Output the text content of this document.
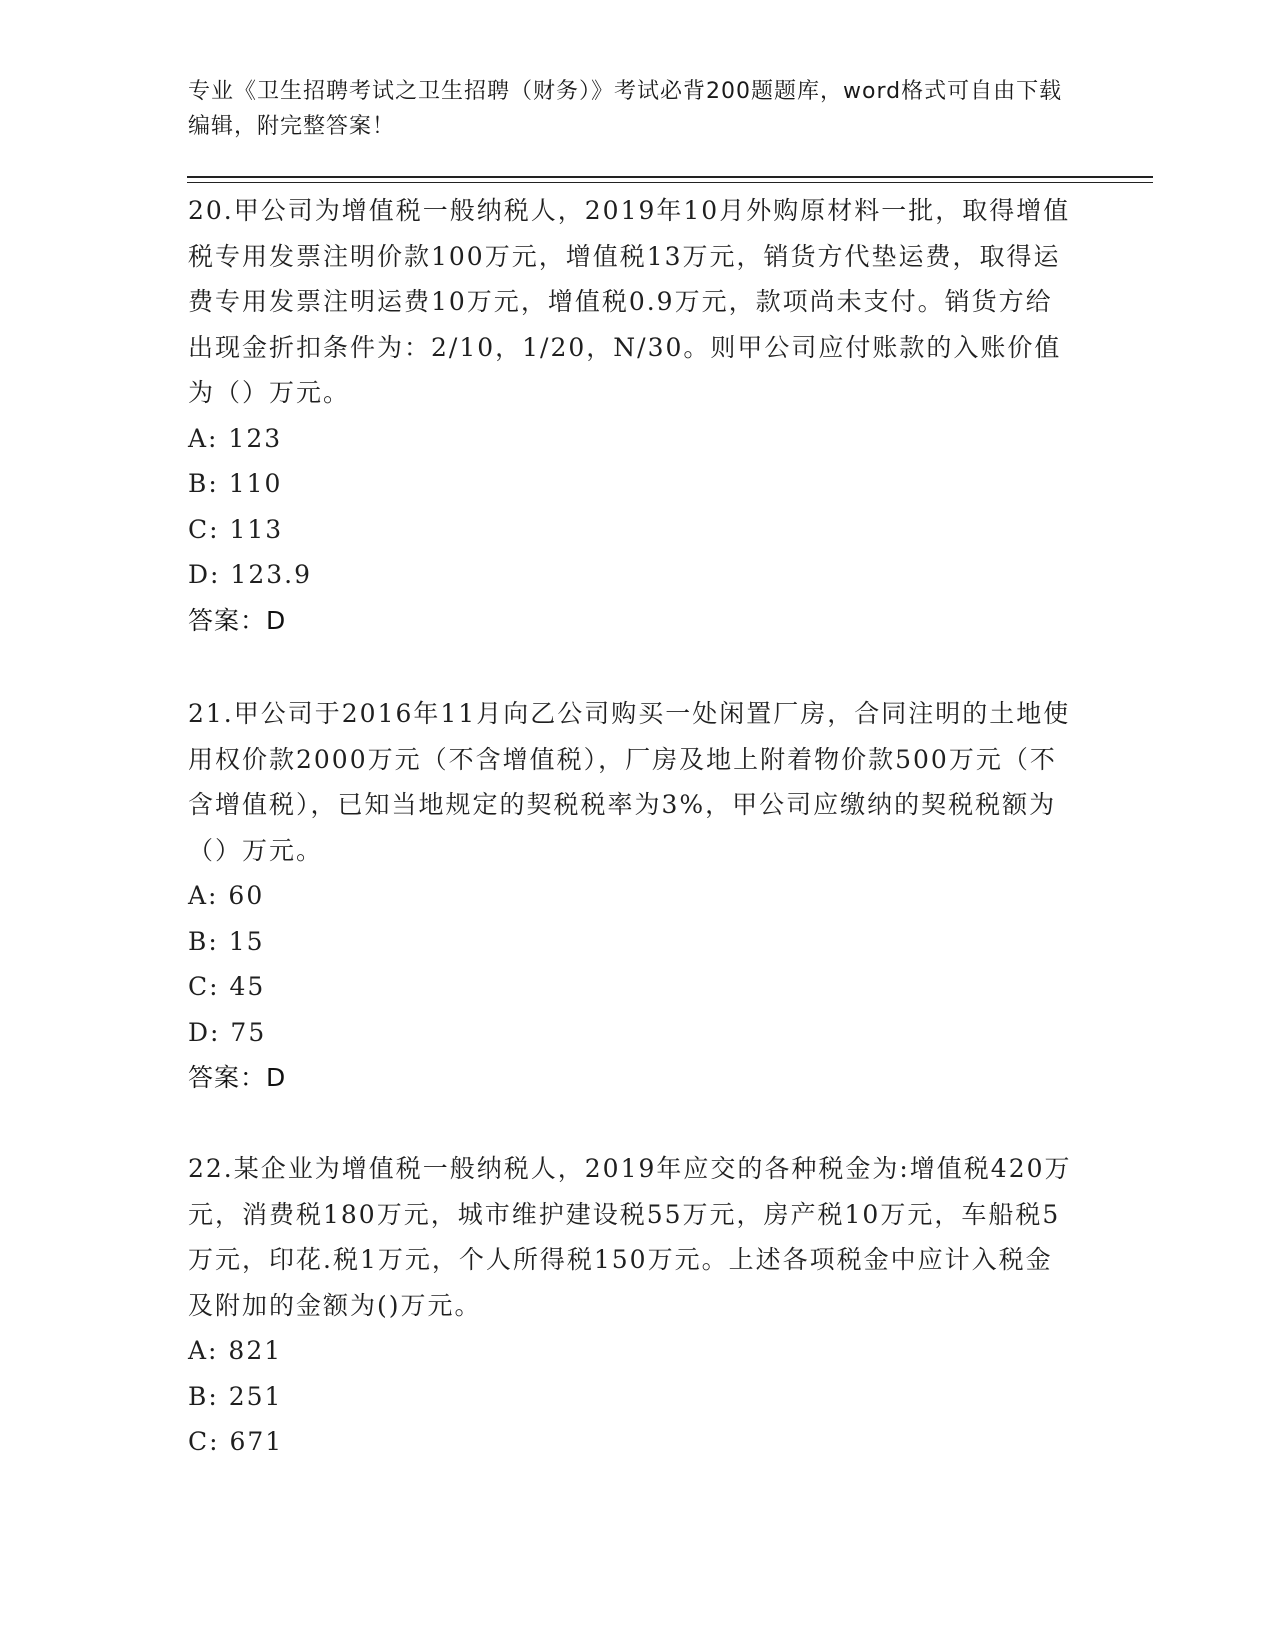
专业《卫生招聘考试之卫生招聘（财务）》考试必背200题题库，word格式可自由下载编辑，附完整答案！
20.甲公司为增值税一般纳税人，2019年10月外购原材料一批，取得增值税专用发票注明价款100万元，增值税13万元，销货方代垫运费，取得运费专用发票注明运费10万元，增值税0.9万元，款项尚未支付。销货方给出现金折扣条件为：2/10，1/20，N/30。则甲公司应付账款的入账价值为（）万元。
A: 123
B: 110
C: 113
D: 123.9
答案：D
21.甲公司于2016年11月向乙公司购买一处闲置厂房，合同注明的土地使用权价款2000万元（不含增值税），厂房及地上附着物价款500万元（不含增值税），已知当地规定的契税税率为3%，甲公司应缴纳的契税税额为（）万元。
A: 60
B: 15
C: 45
D: 75
答案：D
22.某企业为增值税一般纳税人，2019年应交的各种税金为:增值税420万元，消费税180万元，城市维护建设税55万元，房产税10万元，车船税5万元，印花.税1万元，个人所得税150万元。上述各项税金中应计入税金及附加的金额为()万元。
A: 821
B: 251
C: 671
